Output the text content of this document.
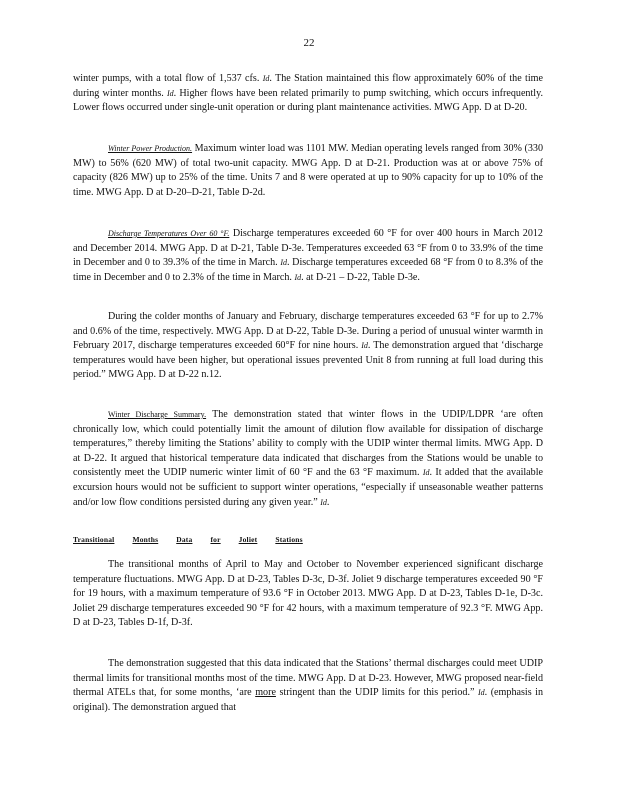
22

winter pumps, with a total flow of 1,537 cfs. Id. The Station maintained this flow approximately 60% of the time during winter months. Id. Higher flows have been related primarily to pump switching, which occurs infrequently. Lower flows occurred under single-unit operation or during plant maintenance activities. MWG App. D at D-20.

Winter Power Production. Maximum winter load was 1101 MW. Median operating levels ranged from 30% (330 MW) to 56% (620 MW) of total two-unit capacity. MWG App. D at D-21. Production was at or above 75% of capacity (826 MW) up to 25% of the time. Units 7 and 8 were operated at up to 90% capacity for up to 10% of the time. MWG App. D at D-20–D-21, Table D-2d.

Discharge Temperatures Over 60 °F. Discharge temperatures exceeded 60 °F for over 400 hours in March 2012 and December 2014. MWG App. D at D-21, Table D-3e. Temperatures exceeded 63 °F from 0 to 33.9% of the time in December and 0 to 39.3% of the time in March. Id. Discharge temperatures exceeded 68 °F from 0 to 8.3% of the time in December and 0 to 2.3% of the time in March. Id. at D-21 – D-22, Table D-3e.

During the colder months of January and February, discharge temperatures exceeded 63 °F for up to 2.7% and 0.6% of the time, respectively. MWG App. D at D-22, Table D-3e. During a period of unusual winter warmth in February 2017, discharge temperatures exceeded 60°F for nine hours. Id. The demonstration argued that ‘discharge temperatures would have been higher, but operational issues prevented Unit 8 from running at full load during this period.” MWG App. D at D-22 n.12.

Winter Discharge Summary. The demonstration stated that winter flows in the UDIP/LDPR ‘are often chronically low, which could potentially limit the amount of dilution flow available for dissipation of discharge temperatures,” thereby limiting the Stations’ ability to comply with the UDIP winter thermal limits. MWG App. D at D-22. It argued that historical temperature data indicated that discharges from the Stations would be unable to consistently meet the UDIP numeric winter limit of 60 °F and the 63 °F maximum. Id. It added that the available excursion hours would not be sufficient to support winter operations, “especially if unseasonable weather patterns and/or low flow conditions persisted during any given year.” Id.

Transitional Months Data for Joliet Stations

The transitional months of April to May and October to November experienced significant discharge temperature fluctuations. MWG App. D at D-23, Tables D-3c, D-3f. Joliet 9 discharge temperatures exceeded 90 °F for 19 hours, with a maximum temperature of 93.6 °F in October 2013. MWG App. D at D-23, Tables D-1e, D-3c. Joliet 29 discharge temperatures exceeded 90 °F for 42 hours, with a maximum temperature of 92.3 °F. MWG App. D at D-23, Tables D-1f, D-3f.

The demonstration suggested that this data indicated that the Stations’ thermal discharges could meet UDIP thermal limits for transitional months most of the time. MWG App. D at D-23. However, MWG proposed near-field thermal ATELs that, for some months, ‘are more stringent than the UDIP limits for this period.” Id. (emphasis in original). The demonstration argued that
